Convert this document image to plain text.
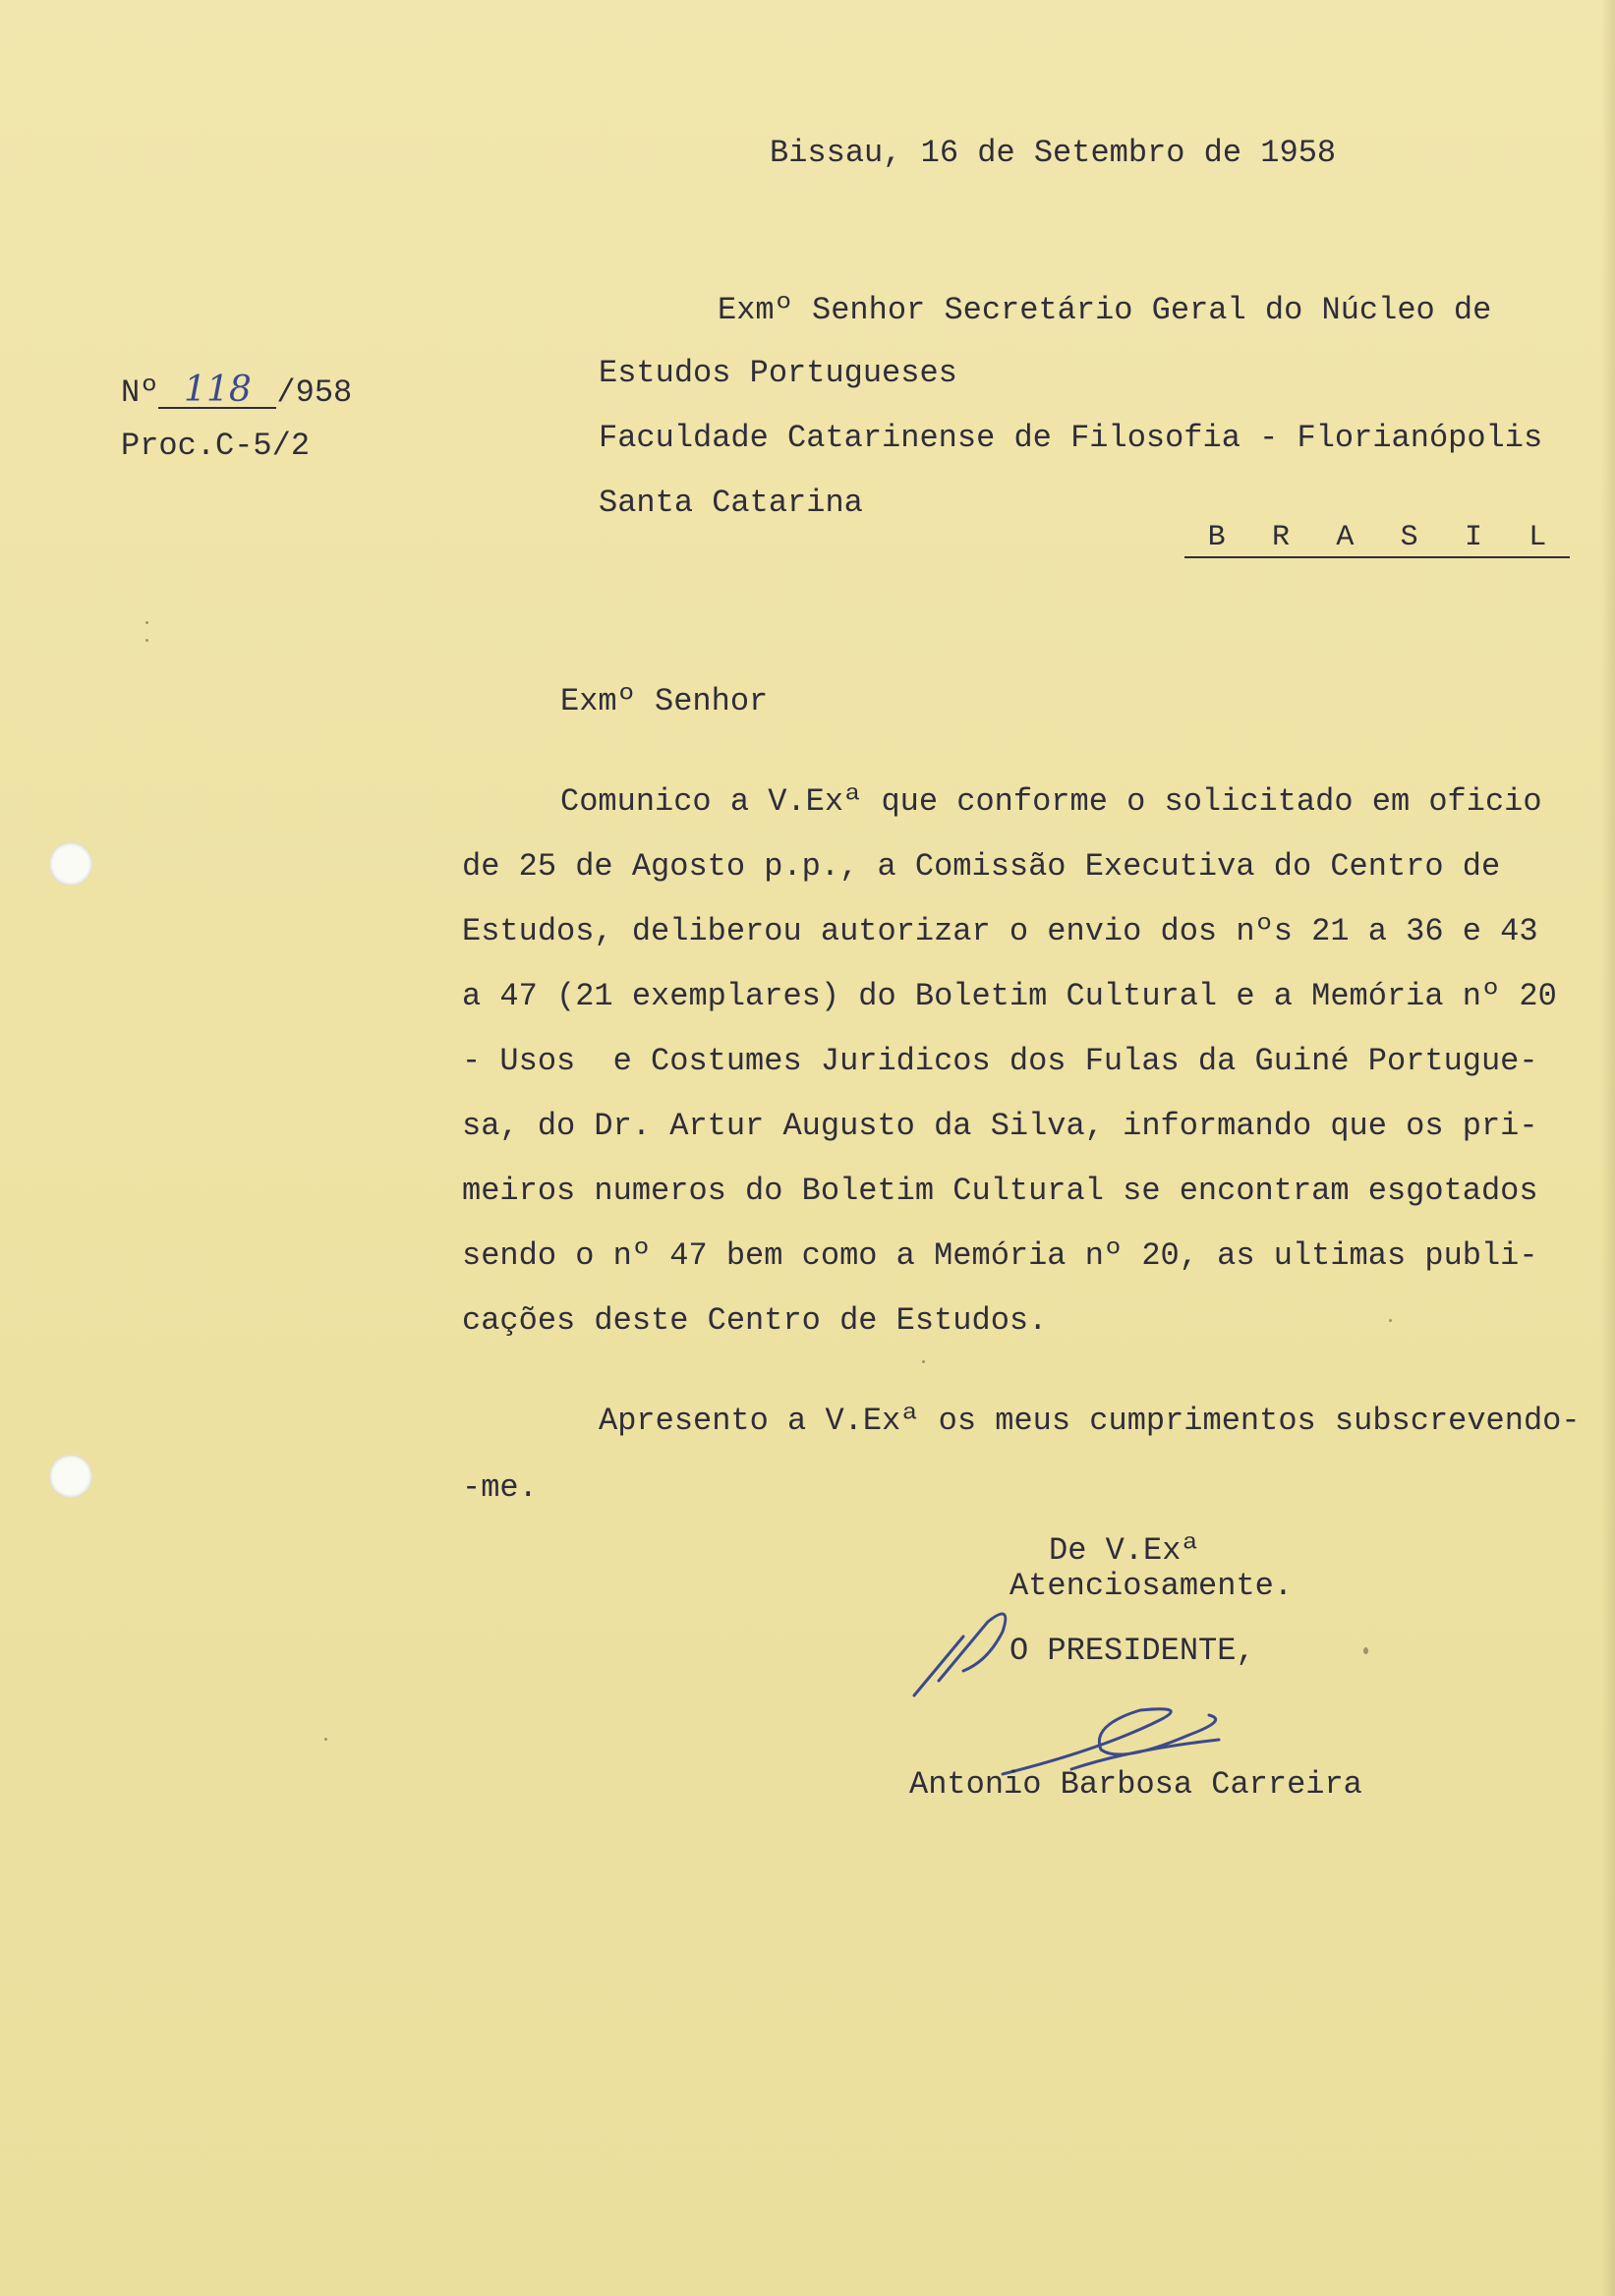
Bissau, 16 de Setembro de 1958
Nº 118 /958
Proc.C-5/2
Exmº Senhor Secretário Geral do Núcleo de
Estudos Portugueses
Faculdade Catarinense de Filosofia - Florianópolis
Santa Catarina
B R A S I L
Exmº Senhor
Comunico a V.Exª que conforme o solicitado em oficio
de 25 de Agosto p.p., a Comissão Executiva do Centro de
Estudos, deliberou autorizar o envio dos nºs 21 a 36 e 43
a 47 (21 exemplares) do Boletim Cultural e a Memória nº 20
- Usos  e Costumes Juridicos dos Fulas da Guiné Portugue-
sa, do Dr. Artur Augusto da Silva, informando que os pri-
meiros numeros do Boletim Cultural se encontram esgotados
sendo o nº 47 bem como a Memória nº 20, as ultimas publi-
cações deste Centro de Estudos.
Apresento a V.Exª os meus cumprimentos subscrevendo-
-me.
De V.Exª
Atenciosamente.
O PRESIDENTE,
Antonio Barbosa Carreira
